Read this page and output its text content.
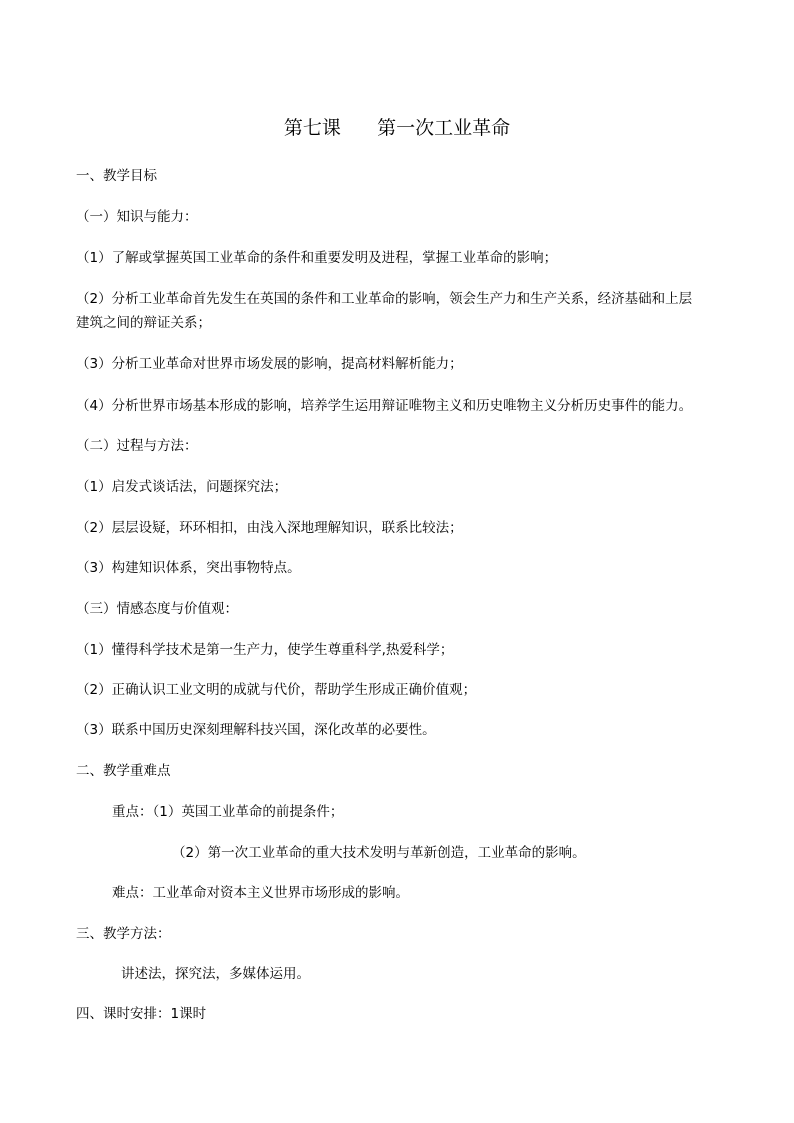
第七课      第一次工业革命
一、教学目标
（一）知识与能力：
（1）了解或掌握英国工业革命的条件和重要发明及进程，掌握工业革命的影响；
（2）分析工业革命首先发生在英国的条件和工业革命的影响，领会生产力和生产关系，经济基础和上层
建筑之间的辩证关系；
（3）分析工业革命对世界市场发展的影响，提高材料解析能力；
（4）分析世界市场基本形成的影响，培养学生运用辩证唯物主义和历史唯物主义分析历史事件的能力。
（二）过程与方法：
（1）启发式谈话法，问题探究法；
（2）层层设疑，环环相扣，由浅入深地理解知识，联系比较法；
（3）构建知识体系，突出事物特点。
（三）情感态度与价值观：
（1）懂得科学技术是第一生产力，使学生尊重科学,热爱科学；
（2）正确认识工业文明的成就与代价，帮助学生形成正确价值观；
（3）联系中国历史深刻理解科技兴国，深化改革的必要性。
二、教学重难点
重点：（1）英国工业革命的前提条件；
（2）第一次工业革命的重大技术发明与革新创造，工业革命的影响。
难点：工业革命对资本主义世界市场形成的影响。
三、教学方法：
讲述法，探究法，多媒体运用。
四、课时安排：1课时
